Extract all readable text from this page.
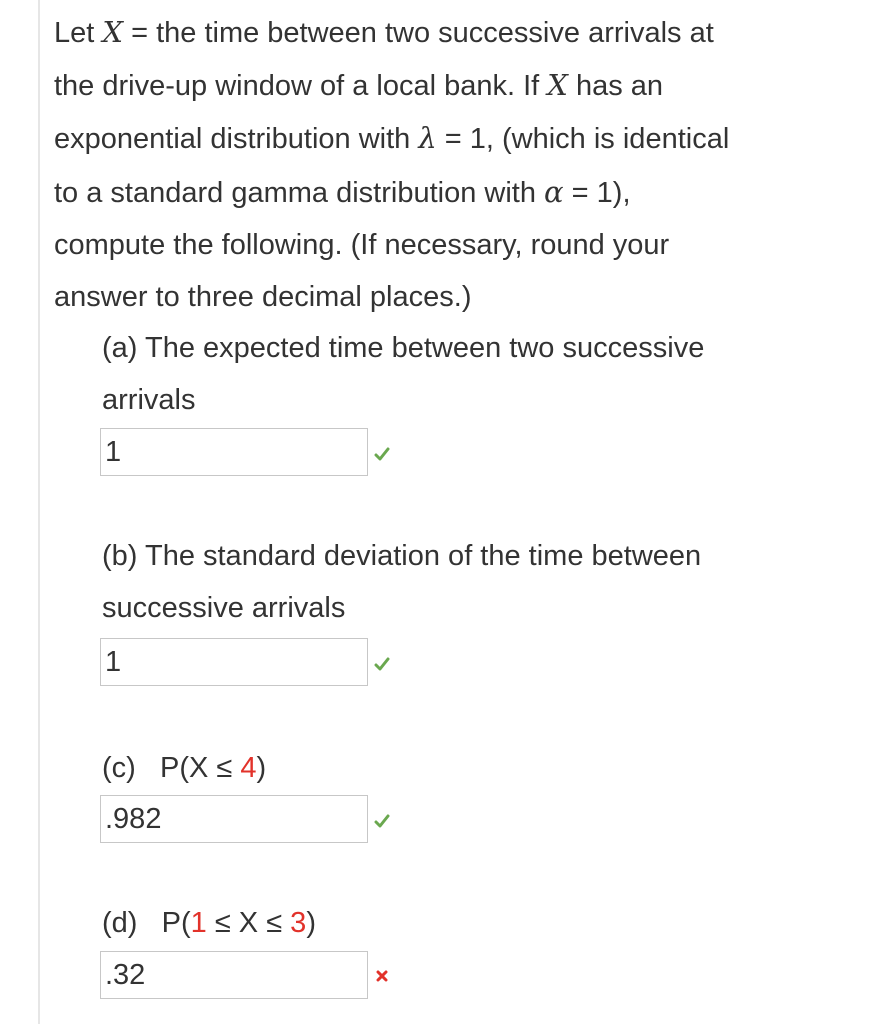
Let X = the time between two successive arrivals at
the drive-up window of a local bank. If X has an
exponential distribution with λ = 1, (which is identical
to a standard gamma distribution with α = 1),
compute the following. (If necessary, round your
answer to three decimal places.)
(a) The expected time between two successive
arrivals
1
(b) The standard deviation of the time between
successive arrivals
1
(c) P(X ≤ 4)
.982
(d) P(1 ≤ X ≤ 3)
.32
